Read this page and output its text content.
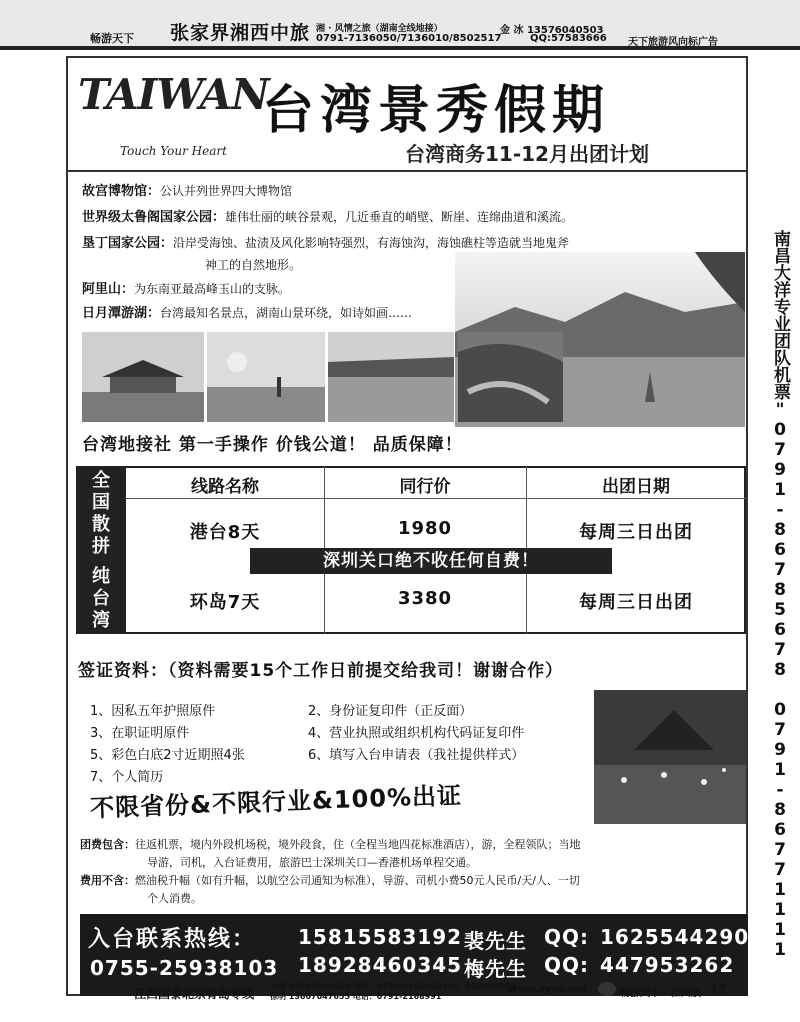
畅游天下 张家界湘西中旅 湘 · 风情之旅（湖南全线地接）
0791-7136050/7136010/8502517
金 冰 13576040503
QQ:57583666 天下旅游风向标广告
TAIWAN
Touch Your Heart
台湾景秀假期
台湾商务11-12月出团计划
故宫博物馆：公认并列世界四大博物馆
世界级太鲁阁国家公园：雄伟壮丽的峡谷景观，几近垂直的峭壁、断崖、连绵曲道和溪流。
垦丁国家公园：沿岸受海蚀、盐渍及风化影响特强烈，有海蚀沟，海蚀礁柱等造就当地鬼斧
神工的自然地形。
阿里山：为东南亚最高峰玉山的支脉。
日月潭游湖：台湾最知名景点，湖南山景环绕，如诗如画……
台湾地接社 第一手操作 价钱公道！ 品质保障！
全
国
散
拼
纯
台
湾
线路名称	同行价	出团日期
港台8天	1980	每周三日出团
深圳关口绝不收任何自费！
环岛7天	3380	每周三日出团
签证资料：（资料需要15个工作日前提交给我司！谢谢合作）
1、因私五年护照原件	2、身份证复印件（正反面）
3、在职证明原件	4、营业执照或组织机构代码证复印件
5、彩色白底2寸近期照4张	6、填写入台申请表（我社提供样式）
7、个人简历
不限省份&不限行业&100%出证
团费包含：往返机票，境内外段机场税，境外段食，住（全程当地四花标准酒店），游，全程领队；当地
导游，司机，入台证费用，旅游巴士深圳关口—香港机场单程交通。
费用不含：燃油税升幅（如有升幅，以航空公司通知为标准），导游、司机小费50元人民币/天/人、一切
个人消费。
入台联系热线： 15815583192 裴先生 QQ: 1625544290
0755-25938103 18928460345 梅先生 QQ: 447953262
江西国泰北京青岛专线
小周 15083509615 电话：0791-2168966 QQ：932583056
徐明 13607047655 电话：0791-2168991
www.zyoo.net	畅游天下 · 江西版 17
南昌大洋专业团队机票"0791-86785678 0791-86771111
